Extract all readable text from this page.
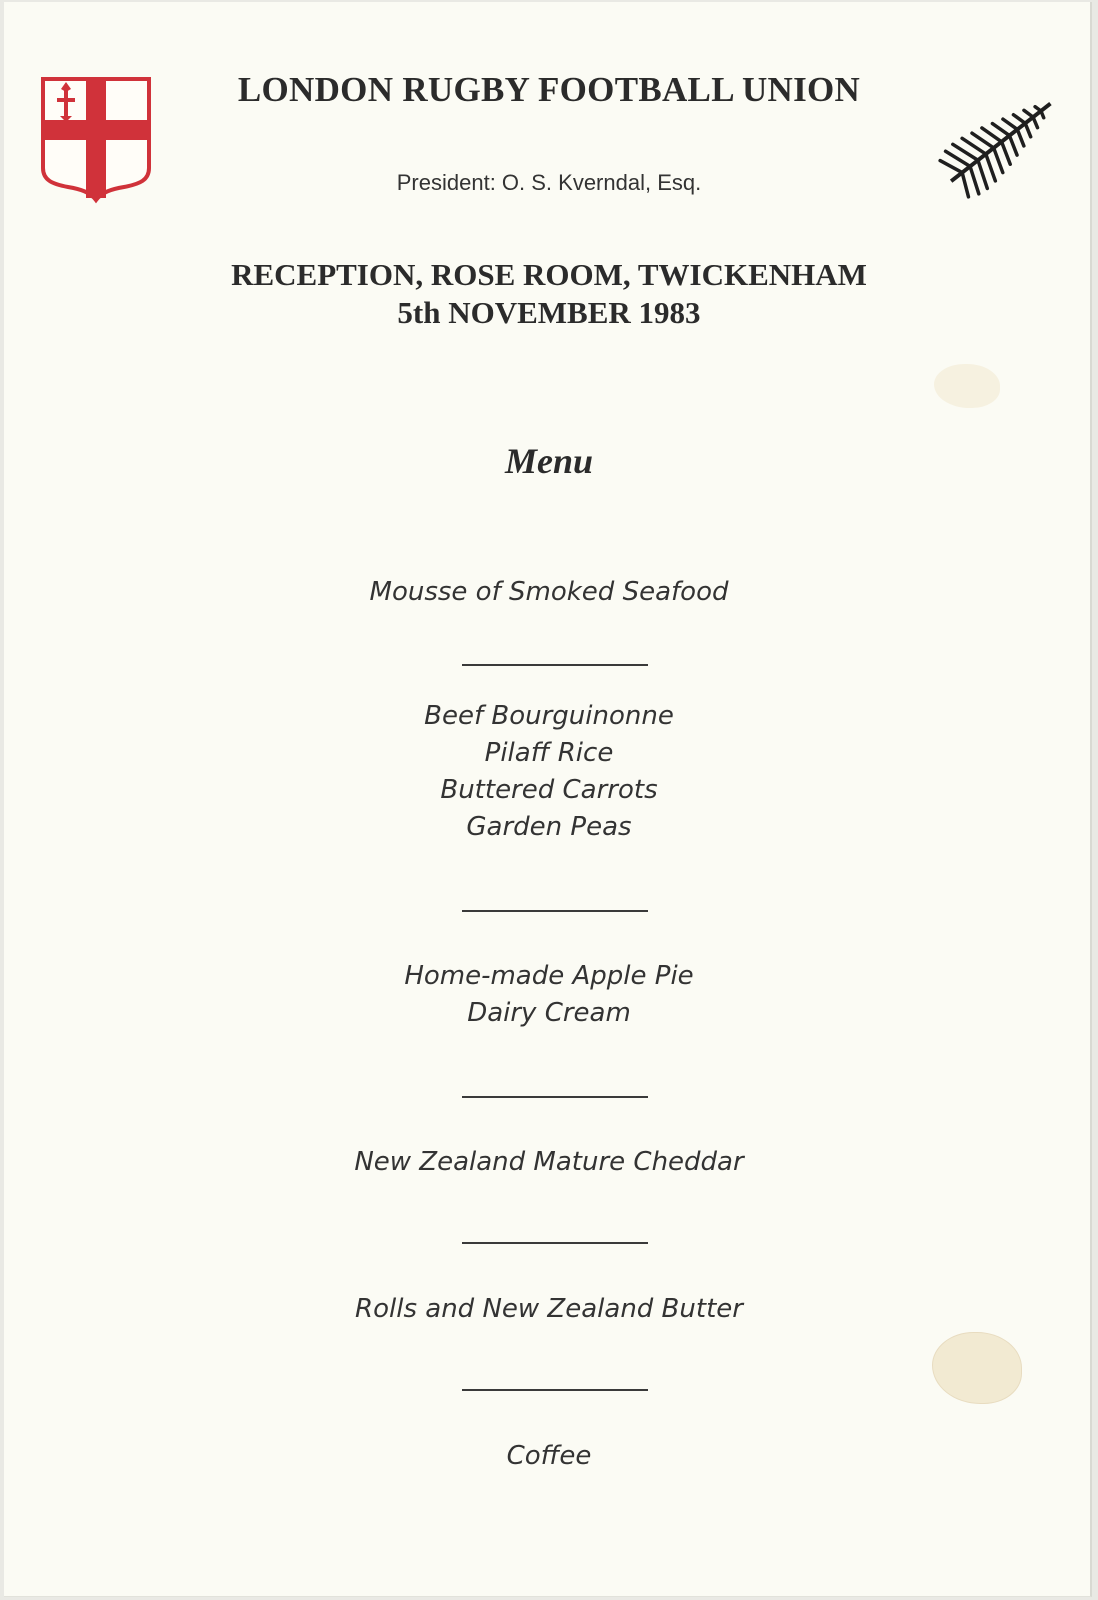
LONDON RUGBY FOOTBALL UNION
President: O. S. Kverndal, Esq.
RECEPTION, ROSE ROOM, TWICKENHAM
5th NOVEMBER 1983
Menu
Mousse of Smoked Seafood
Beef Bourguinonne
Pilaff Rice
Buttered Carrots
Garden Peas
Home-made Apple Pie
Dairy Cream
New Zealand Mature Cheddar
Rolls and New Zealand Butter
Coffee
